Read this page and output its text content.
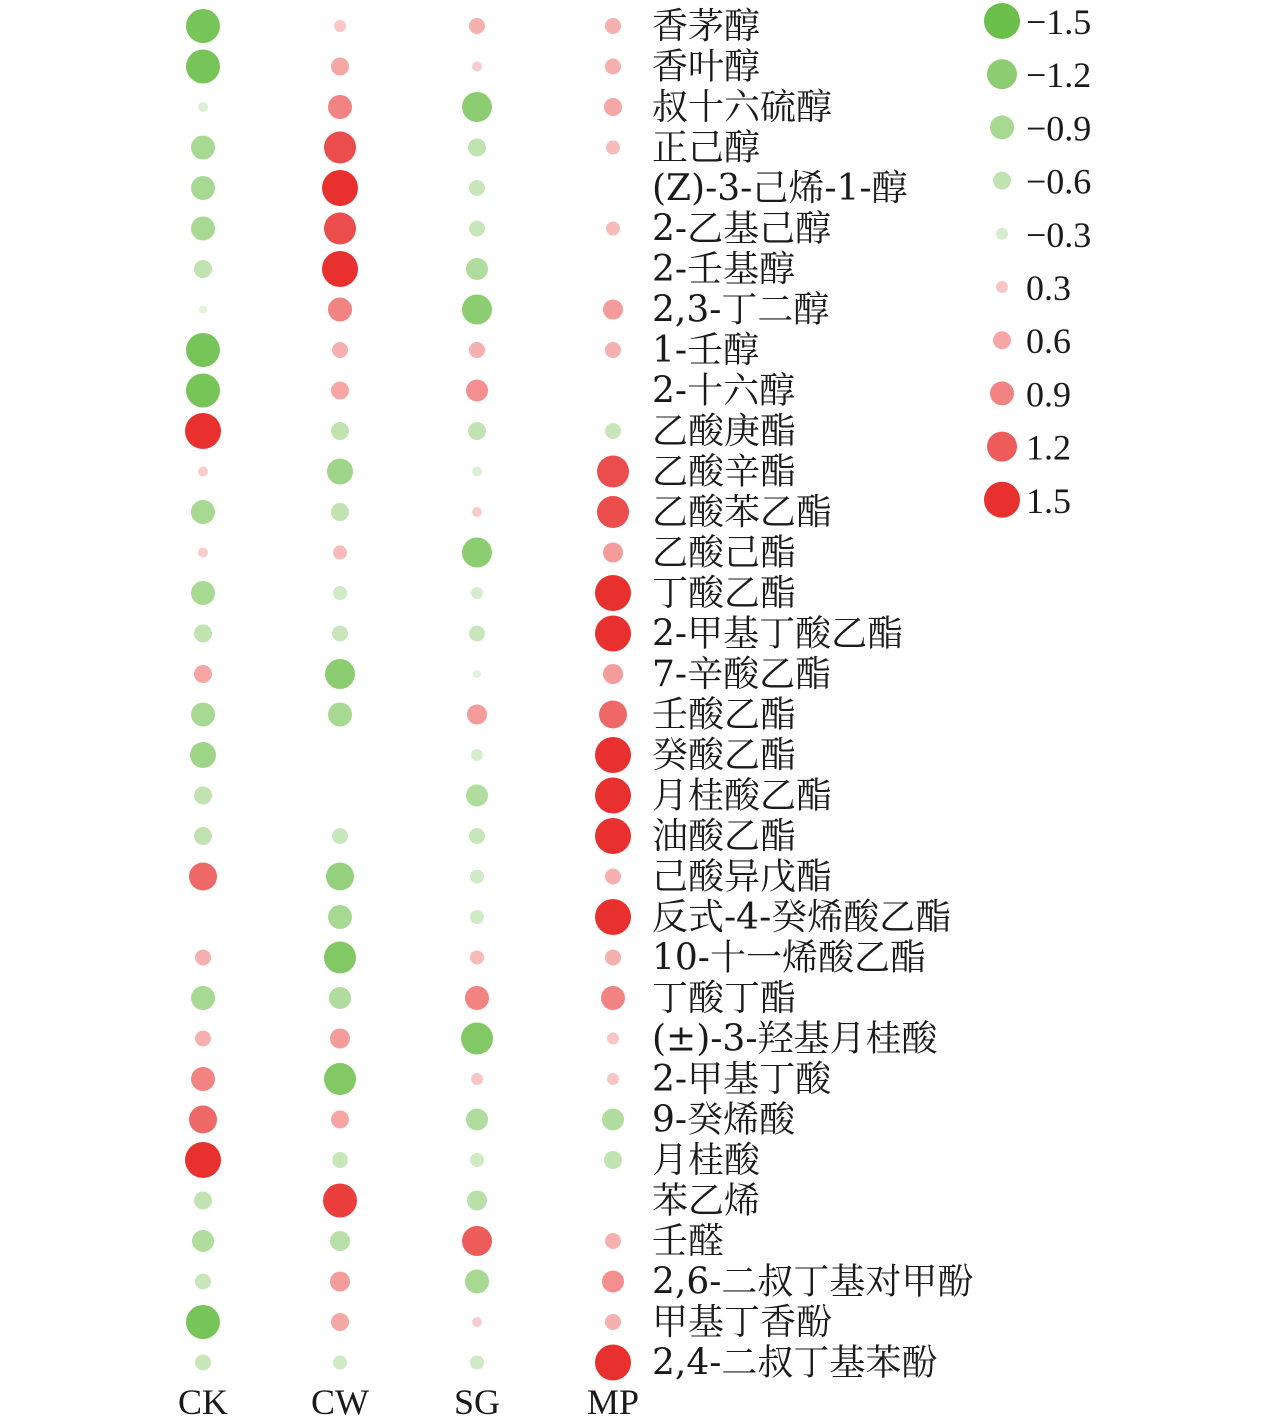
香茅醇
香叶醇
叔十六硫醇
正己醇
(Z)-3-己烯-1-醇
2-乙基己醇
2-壬基醇
2,3-丁二醇
1-壬醇
2-十六醇
乙酸庚酯
乙酸辛酯
乙酸苯乙酯
乙酸己酯
丁酸乙酯
2-甲基丁酸乙酯
7-辛酸乙酯
壬酸乙酯
癸酸乙酯
月桂酸乙酯
油酸乙酯
己酸异戊酯
反式-4-癸烯酸乙酯
10-十一烯酸乙酯
丁酸丁酯
(±)-3-羟基月桂酸
2-甲基丁酸
9-癸烯酸
月桂酸
苯乙烯
壬醛
2,6-二叔丁基对甲酚
甲基丁香酚
2,4-二叔丁基苯酚
CK CW SG MP
−1.5
−1.2
−0.9
−0.6
−0.3
0.3
0.6
0.9
1.2
1.5
